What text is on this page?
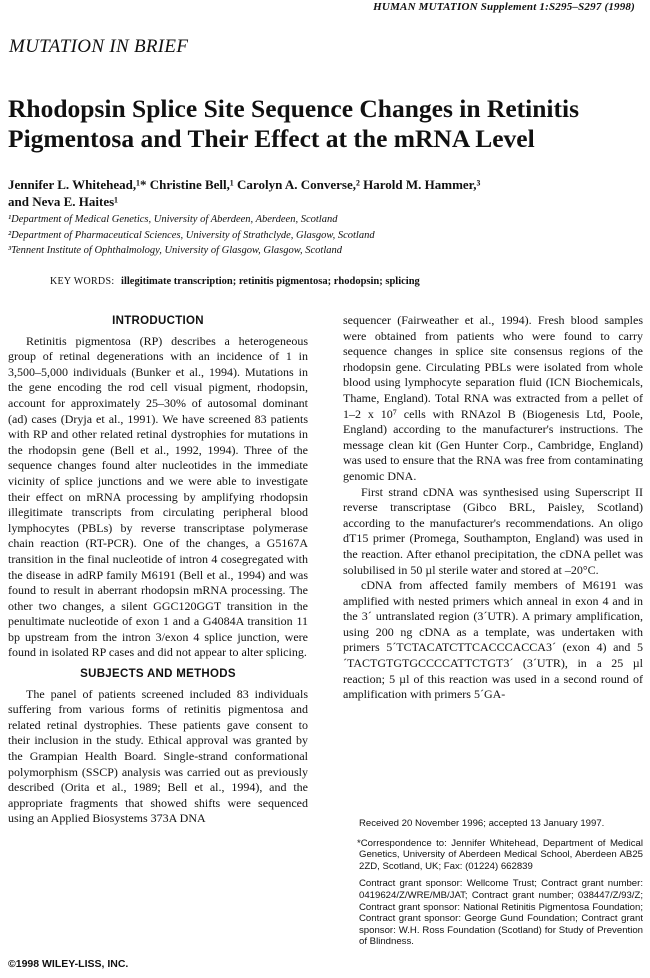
HUMAN MUTATION Supplement 1:S295–S297 (1998)
MUTATION IN BRIEF
Rhodopsin Splice Site Sequence Changes in Retinitis
Pigmentosa and Their Effect at the mRNA Level
Jennifer L. Whitehead,¹* Christine Bell,¹ Carolyn A. Converse,² Harold M. Hammer,³
and Neva E. Haites¹
¹Department of Medical Genetics, University of Aberdeen, Aberdeen, Scotland
²Department of Pharmaceutical Sciences, University of Strathclyde, Glasgow, Scotland
³Tennent Institute of Ophthalmology, University of Glasgow, Glasgow, Scotland
KEY WORDS: illegitimate transcription; retinitis pigmentosa; rhodopsin; splicing
INTRODUCTION

Retinitis pigmentosa (RP) describes a heterogeneous group of retinal degenerations with an incidence of 1 in 3,500–5,000 individuals (Bunker et al., 1994). Mutations in the gene encoding the rod cell visual pigment, rhodopsin, account for approximately 25–30% of autosomal dominant (ad) cases (Dryja et al., 1991). We have screened 83 patients with RP and other related retinal dystrophies for mutations in the rhodopsin gene (Bell et al., 1992, 1994). Three of the sequence changes found alter nucleotides in the immediate vicinity of splice junctions and we were able to investigate their effect on mRNA processing by amplifying rhodopsin illegitimate transcripts from circulating peripheral blood lymphocytes (PBLs) by reverse transcriptase polymerase chain reaction (RT-PCR). One of the changes, a G5167A transition in the final nucleotide of intron 4 cosegregated with the disease in adRP family M6191 (Bell et al., 1994) and was found to result in aberrant rhodopsin mRNA processing. The other two changes, a silent GGC120GGT transition in the penultimate nucleotide of exon 1 and a G4084A transition 11 bp upstream from the intron 3/exon 4 splice junction, were found in isolated RP cases and did not appear to alter splicing.

SUBJECTS AND METHODS

The panel of patients screened included 83 individuals suffering from various forms of retinitis pigmentosa and related retinal dystrophies. These patients gave consent to their inclusion in the study. Ethical approval was granted by the Grampian Health Board. Single-strand conformational polymorphism (SSCP) analysis was carried out as previously described (Orita et al., 1989; Bell et al., 1994), and the appropriate fragments that showed shifts were sequenced using an Applied Biosystems 373A DNA

sequencer (Fairweather et al., 1994). Fresh blood samples were obtained from patients who were found to carry sequence changes in splice site consensus regions of the rhodopsin gene. Circulating PBLs were isolated from whole blood using lymphocyte separation fluid (ICN Biochemicals, Thame, England). Total RNA was extracted from a pellet of 1–2 x 10⁷ cells with RNAzol B (Biogenesis Ltd, Poole, England) according to the manufacturer's instructions. The message clean kit (Gen Hunter Corp., Cambridge, England) was used to ensure that the RNA was free from contaminating genomic DNA.

First strand cDNA was synthesised using Superscript II reverse transcriptase (Gibco BRL, Paisley, Scotland) according to the manufacturer's recommendations. An oligo dT15 primer (Promega, Southampton, England) was used in the reaction. After ethanol precipitation, the cDNA pellet was solubilised in 50 µl sterile water and stored at –20°C.

cDNA from affected family members of M6191 was amplified with nested primers which anneal in exon 4 and in the 3´ untranslated region (3´UTR). A primary amplification, using 200 ng cDNA as a template, was undertaken with primers 5´TCTACATCTTCACCCACCA3´ (exon 4) and 5´TACTGTGTGCCCCATTCTGT3´ (3´UTR), in a 25 µl reaction; 5 µl of this reaction was used in a second round of amplification with primers 5´GA-

Received 20 November 1996; accepted 13 January 1997.
*Correspondence to: Jennifer Whitehead, Department of Medical Genetics, University of Aberdeen Medical School, Aberdeen AB25 2ZD, Scotland, UK; Fax: (01224) 662839
Contract grant sponsor: Wellcome Trust; Contract grant number: 0419624/Z/WRE/MB/JAT; Contract grant number; 038447/Z/93/Z; Contract grant sponsor: National Retinitis Pigmentosa Foundation; Contract grant sponsor: George Gund Foundation; Contract grant sponsor: W.H. Ross Foundation (Scotland) for Study of Prevention of Blindness.
©1998 WILEY-LISS, INC.
